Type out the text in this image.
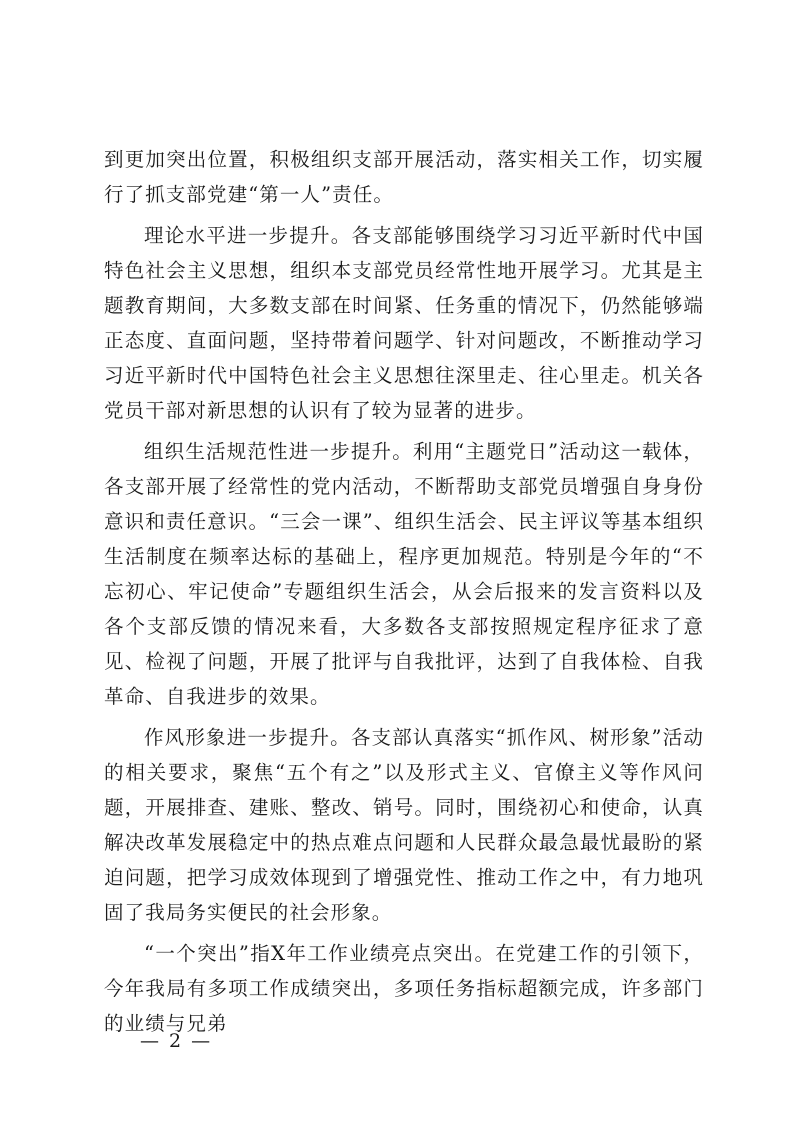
到更加突出位置，积极组织支部开展活动，落实相关工作，切实履行了抓支部党建“第一人”责任。

理论水平进一步提升。各支部能够围绕学习习近平新时代中国特色社会主义思想，组织本支部党员经常性地开展学习。尤其是主题教育期间，大多数支部在时间紧、任务重的情况下，仍然能够端正态度、直面问题，坚持带着问题学、针对问题改，不断推动学习习近平新时代中国特色社会主义思想往深里走、往心里走。机关各党员干部对新思想的认识有了较为显著的进步。

组织生活规范性进一步提升。利用“主题党日”活动这一载体，各支部开展了经常性的党内活动，不断帮助支部党员增强自身身份意识和责任意识。“三会一课”、组织生活会、民主评议等基本组织生活制度在频率达标的基础上，程序更加规范。特别是今年的“不忘初心、牢记使命”专题组织生活会，从会后报来的发言资料以及各个支部反馈的情况来看，大多数各支部按照规定程序征求了意见、检视了问题，开展了批评与自我批评，达到了自我体检、自我革命、自我进步的效果。

作风形象进一步提升。各支部认真落实“抓作风、树形象”活动的相关要求，聚焦“五个有之”以及形式主义、官僚主义等作风问题，开展排查、建账、整改、销号。同时，围绕初心和使命，认真解决改革发展稳定中的热点难点问题和人民群众最急最忧最盼的紧迫问题，把学习成效体现到了增强党性、推动工作之中，有力地巩固了我局务实便民的社会形象。

“一个突出”指X年工作业绩亮点突出。在党建工作的引领下，今年我局有多项工作成绩突出，多项任务指标超额完成，许多部门的业绩与兄弟

— 2 —
